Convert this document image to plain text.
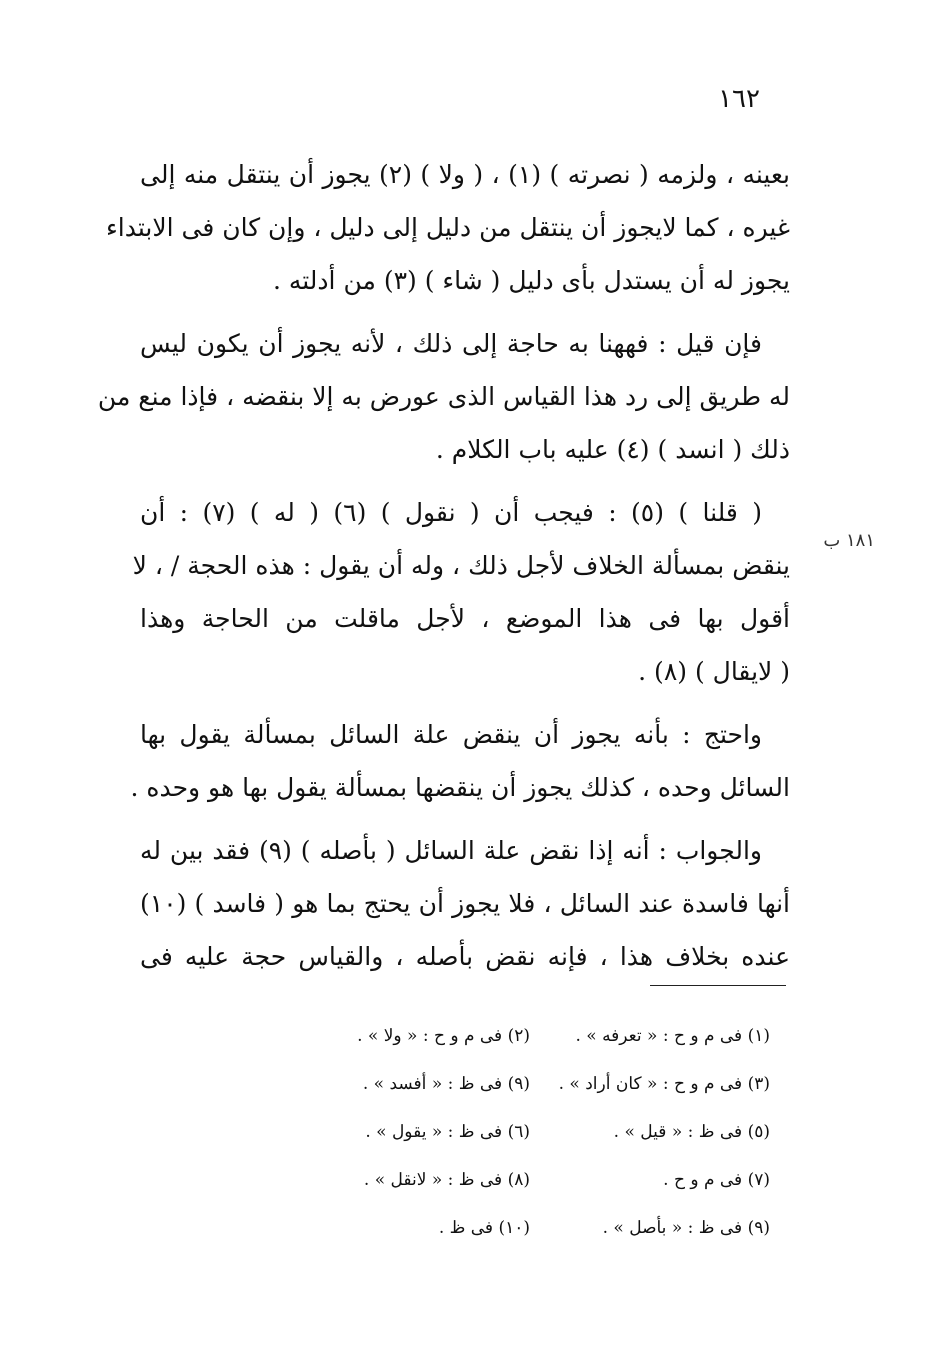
١٦٢

بعينه ، ولزمه ( نصرته ) (١) ، ( ولا ) (٢) يجوز أن ينتقل منه إلى
غيره ، كما لايجوز أن ينتقل من دليل إلى دليل ، وإن كان فى الابتداء
يجوز له أن يستدل بأى دليل ( شاء ) (٣) من أدلته .

فإن قيل : فههنا به حاجة إلى ذلك ، لأنه يجوز أن يكون ليس
له طريق إلى رد هذا القياس الذى عورض به إلا بنقضه ، فإذا منع من
ذلك ( انسد ) (٤) عليه باب الكلام .

( قلنا ) (٥) : فيجب أن ( نقول ) (٦) ( له ) (٧) : أن
ينقض بمسألة الخلاف لأجل ذلك ، وله أن يقول : هذه الحجة / ، لا
أقول بها فى هذا الموضع ، لأجل ماقلت من الحاجة وهذا
( لايقال ) (٨) .

واحتج : بأنه يجوز أن ينقض علة السائل بمسألة يقول بها
السائل وحده ، كذلك يجوز أن ينقضها بمسألة يقول بها هو وحده .

والجواب : أنه إذا نقض علة السائل ( بأصله ) (٩) فقد بين له
أنها فاسدة عند السائل ، فلا يجوز أن يحتج بما هو ( فاسد ) (١٠)
عنده بخلاف هذا ، فإنه نقض بأصله ، والقياس حجة عليه فى

١٨١ ب
(١) فى م و ح : « تعرفه » .
(٢) فى م و ح : « ولا » .
(٣) فى م و ح : « كان أراد » .
(٩) فى ظ : « أفسد » .
(٥) فى ظ : « قيل » .
(٦) فى ظ : « يقول » .
(٧) فى م و ح .
(٨) فى ظ : « لانقل » .
(٩) فى ظ : « بأصل » .
(١٠) فى ظ .
